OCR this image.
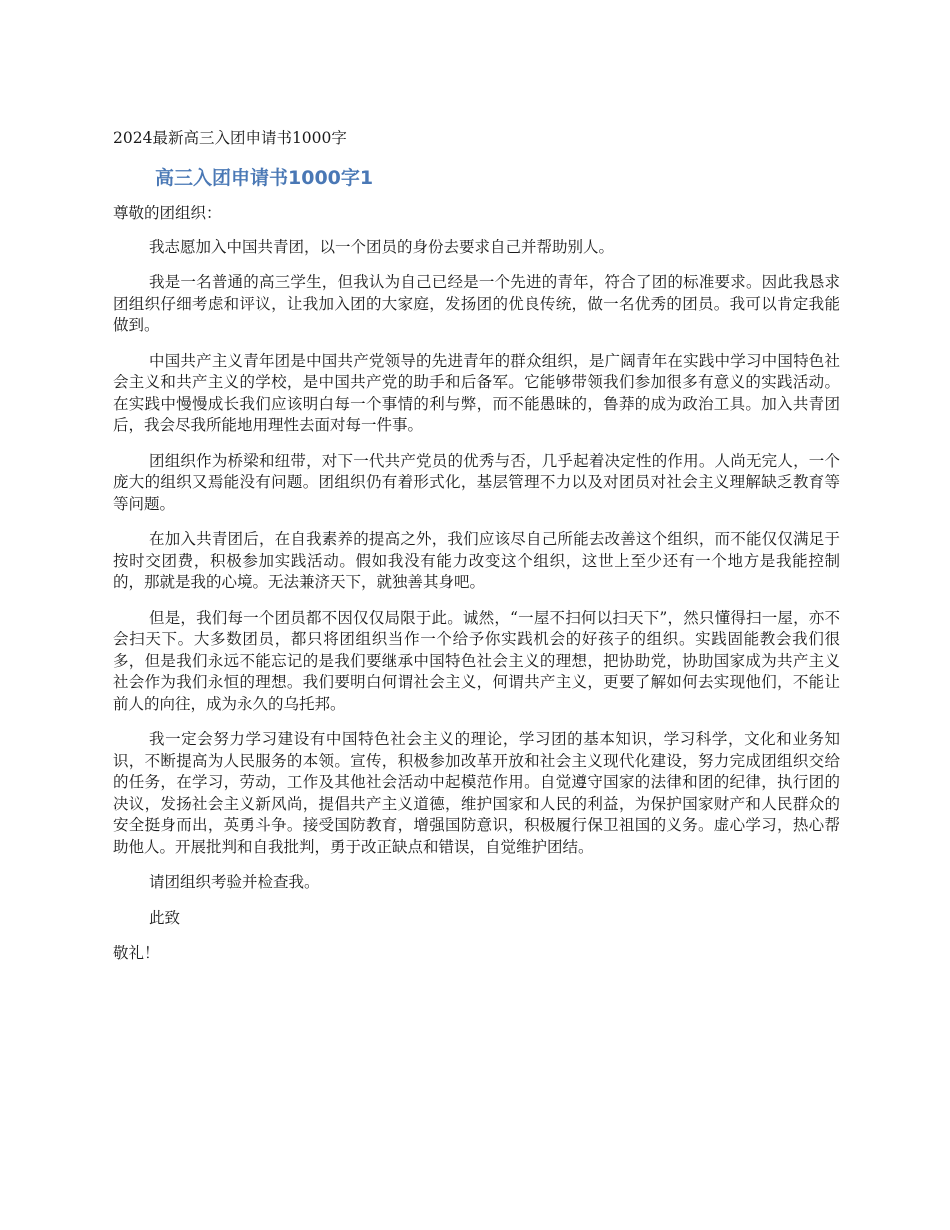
2024最新高三入团申请书1000字

高三入团申请书1000字1

尊敬的团组织：

我志愿加入中国共青团，以一个团员的身份去要求自己并帮助别人。

我是一名普通的高三学生，但我认为自己已经是一个先进的青年，符合了团的标准要求。因此我恳求团组织仔细考虑和评议，让我加入团的大家庭，发扬团的优良传统，做一名优秀的团员。我可以肯定我能做到。

中国共产主义青年团是中国共产党领导的先进青年的群众组织，是广阔青年在实践中学习中国特色社会主义和共产主义的学校，是中国共产党的助手和后备军。它能够带领我们参加很多有意义的实践活动。在实践中慢慢成长我们应该明白每一个事情的利与弊，而不能愚昧的，鲁莽的成为政治工具。加入共青团后，我会尽我所能地用理性去面对每一件事。

团组织作为桥梁和纽带，对下一代共产党员的优秀与否，几乎起着决定性的作用。人尚无完人，一个庞大的组织又焉能没有问题。团组织仍有着形式化，基层管理不力以及对团员对社会主义理解缺乏教育等等问题。

在加入共青团后，在自我素养的提高之外，我们应该尽自己所能去改善这个组织，而不能仅仅满足于按时交团费，积极参加实践活动。假如我没有能力改变这个组织，这世上至少还有一个地方是我能控制的，那就是我的心境。无法兼济天下，就独善其身吧。

但是，我们每一个团员都不因仅仅局限于此。诚然，“一屋不扫何以扫天下”，然只懂得扫一屋，亦不会扫天下。大多数团员，都只将团组织当作一个给予你实践机会的好孩子的组织。实践固能教会我们很多，但是我们永远不能忘记的是我们要继承中国特色社会主义的理想，把协助党，协助国家成为共产主义社会作为我们永恒的理想。我们要明白何谓社会主义，何谓共产主义，更要了解如何去实现他们，不能让前人的向往，成为永久的乌托邦。

我一定会努力学习建设有中国特色社会主义的理论，学习团的基本知识，学习科学，文化和业务知识，不断提高为人民服务的本领。宣传，积极参加改革开放和社会主义现代化建设，努力完成团组织交给的任务，在学习，劳动，工作及其他社会活动中起模范作用。自觉遵守国家的法律和团的纪律，执行团的决议，发扬社会主义新风尚，提倡共产主义道德，维护国家和人民的利益，为保护国家财产和人民群众的安全挺身而出，英勇斗争。接受国防教育，增强国防意识，积极履行保卫祖国的义务。虚心学习，热心帮助他人。开展批判和自我批判，勇于改正缺点和错误，自觉维护团结。

请团组织考验并检查我。

此致

敬礼！
